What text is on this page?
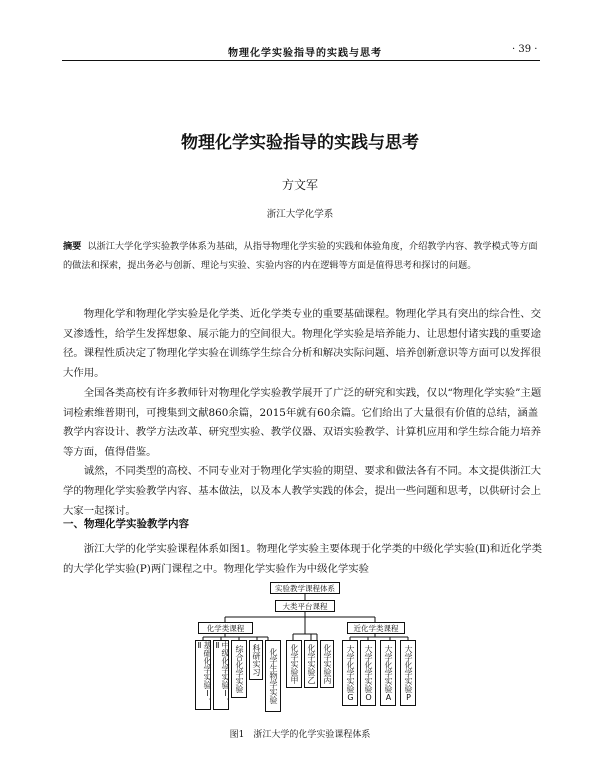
物理化学实验指导的实践与思考	· 39 ·
物理化学实验指导的实践与思考
方文军
浙江大学化学系
摘要 以浙江大学化学实验教学体系为基础，从指导物理化学实验的实践和体验角度，介绍教学内容、教学模式等方面的做法和探索，提出务必与创新、理论与实验、实验内容的内在逻辑等方面是值得思考和探讨的问题。

物理化学和物理化学实验是化学类、近化学类专业的重要基础课程。物理化学具有突出的综合性、交叉渗透性，给学生发挥想象、展示能力的空间很大。物理化学实验是培养能力、让思想付诸实践的重要途径。课程性质决定了物理化学实验在训练学生综合分析和解决实际问题、培养创新意识等方面可以发挥很大作用。

全国各类高校有许多教师针对物理化学实验教学展开了广泛的研究和实践，仅以“物理化学实验”主题词检索维普期刊，可搜集到文献860余篇，2015年就有60余篇。它们给出了大量很有价值的总结，涵盖教学内容设计、教学方法改革、研究型实验、教学仪器、双语实验教学、计算机应用和学生综合能力培养等方面，值得借鉴。

诚然，不同类型的高校、不同专业对于物理化学实验的期望、要求和做法各有不同。本文提供浙江大学的物理化学实验教学内容、基本做法，以及本人教学实践的体会，提出一些问题和思考，以供研讨会上大家一起探讨。

一、物理化学实验教学内容

浙江大学的化学实验课程体系如图1。物理化学实验主要体现于化学类的中级化学实验(Ⅱ)和近化学类的大学化学实验(P)两门课程之中。物理化学实验作为中级化学实验

实验教学课程体系
大类平台课程
化学类课程	近化学类课程
基础化学实验Ⅰ、Ⅱ	中级化学实验Ⅰ、Ⅱ	综合化学实验	科研实习	化学生物学实验	化学实验甲	化学实验乙 化学实验丙	大学化学实验G	大学化学实验O	大学化学实验A	大学化学实验P
图1　浙江大学的化学实验课程体系
